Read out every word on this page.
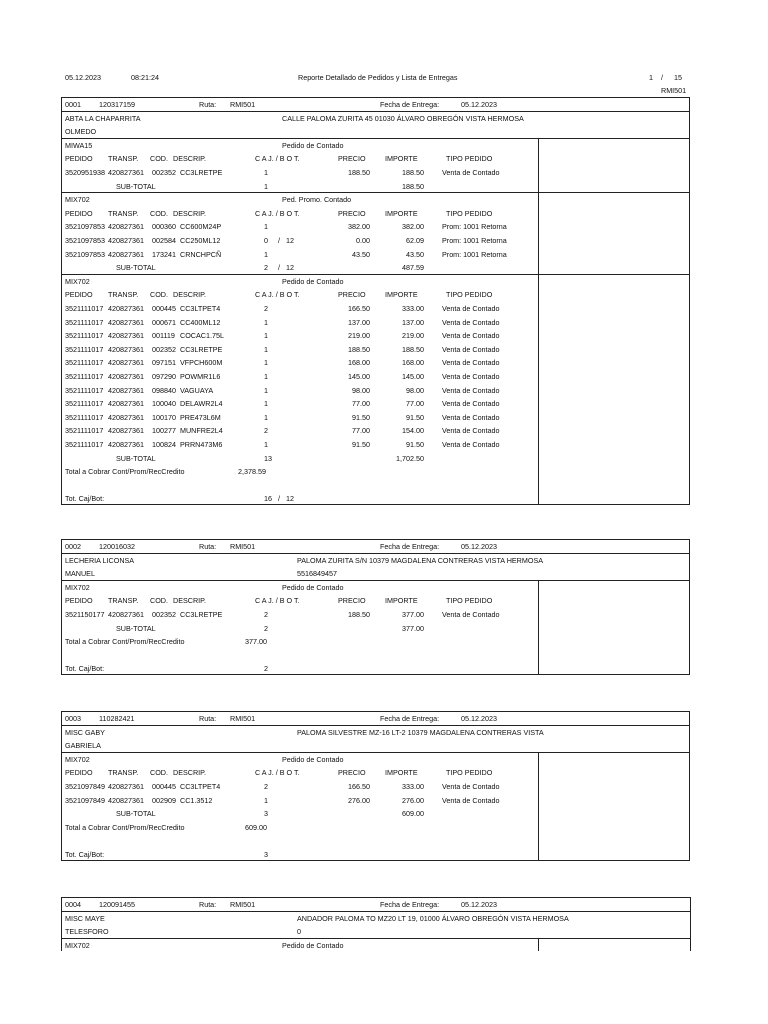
05.12.2023	08:21:24	Reporte Detallado de Pedidos y Lista de Entregas	1 / 15
RMI501
0001	120317159	Ruta: RMI501	Fecha de Entrega:	05.12.2023
ABTA LA CHAPARRITA	CALLE PALOMA ZURITA 45 01030 ÁLVARO OBREGÓN VISTA HERMOSA
OLMEDO
MIWA15	Pedido de Contado
PEDIDO TRANSP. COD. DESCRIP.	C A J. / B O T.	PRECIO	IMPORTE	TIPO PEDIDO
3520951938 420827361 002352 CC3LRETPE	1	188.50	188.50	Venta de Contado
SUB-TOTAL	1	188.50
MIX702	Ped. Promo. Contado
PEDIDO TRANSP. COD. DESCRIP.	C A J. / B O T.	PRECIO	IMPORTE	TIPO PEDIDO
3521097853 420827361 000360 CC600M24P	1	382.00	382.00	Prom: 1001 Retorna
3521097853 420827361 002584 CC250ML12	0 / 12	0.00	62.09	Prom: 1001 Retorna
3521097853 420827361 173241 CRNCHPCÑ	1	43.50	43.50	Prom: 1001 Retorna
SUB-TOTAL	2 / 12	487.59
MIX702	Pedido de Contado
PEDIDO TRANSP. COD. DESCRIP.	C A J. / B O T.	PRECIO	IMPORTE	TIPO PEDIDO
3521111017 420827361 000445 CC3LTPET4	2	166.50	333.00	Venta de Contado
3521111017 420827361 000671 CC400ML12	1	137.00	137.00	Venta de Contado
3521111017 420827361 001119 COCAC1.75L	1	219.00	219.00	Venta de Contado
3521111017 420827361 002352 CC3LRETPE	1	188.50	188.50	Venta de Contado
3521111017 420827361 097151 VFPCH600M	1	168.00	168.00	Venta de Contado
3521111017 420827361 097290 POWMR1L6	1	145.00	145.00	Venta de Contado
3521111017 420827361 098840 VAGUAYA	1	98.00	98.00	Venta de Contado
3521111017 420827361 100040 DELAWR2L4	1	77.00	77.00	Venta de Contado
3521111017 420827361 100170 PRE473L6M	1	91.50	91.50	Venta de Contado
3521111017 420827361 100277 MUNFRE2L4	2	77.00	154.00	Venta de Contado
3521111017 420827361 100824 PRRN473M6	1	91.50	91.50	Venta de Contado
SUB-TOTAL	13	1,702.50
Total a Cobrar Cont/Prom/RecCredito	2,378.59
Tot. Caj/Bot:	16 / 12
0002	120016032	Ruta: RMI501	Fecha de Entrega:	05.12.2023
LECHERIA LICONSA	PALOMA ZURITA S/N 10379 MAGDALENA CONTRERAS VISTA HERMOSA
MANUEL	5516849457
MIX702	Pedido de Contado
PEDIDO TRANSP. COD. DESCRIP.	C A J. / B O T.	PRECIO	IMPORTE	TIPO PEDIDO
3521150177 420827361 002352 CC3LRETPE	2	188.50	377.00	Venta de Contado
SUB-TOTAL	2	377.00
Total a Cobrar Cont/Prom/RecCredito	377.00
Tot. Caj/Bot:	2
0003	110282421	Ruta: RMI501	Fecha de Entrega:	05.12.2023
MISC GABY	PALOMA SILVESTRE MZ-16 LT-2 10379 MAGDALENA CONTRERAS VISTA
GABRIELA
MIX702	Pedido de Contado
PEDIDO TRANSP. COD. DESCRIP.	C A J. / B O T.	PRECIO	IMPORTE	TIPO PEDIDO
3521097849 420827361 000445 CC3LTPET4	2	166.50	333.00	Venta de Contado
3521097849 420827361 002909 CC1.3512	1	276.00	276.00	Venta de Contado
SUB-TOTAL	3	609.00
Total a Cobrar Cont/Prom/RecCredito	609.00
Tot. Caj/Bot:	3
0004	120091455	Ruta: RMI501	Fecha de Entrega:	05.12.2023
MISC MAYE	ANDADOR PALOMA TO MZ20 LT 19, 01000 ÁLVARO OBREGÓN VISTA HERMOSA
TELESFORO	0
MIX702	Pedido de Contado
